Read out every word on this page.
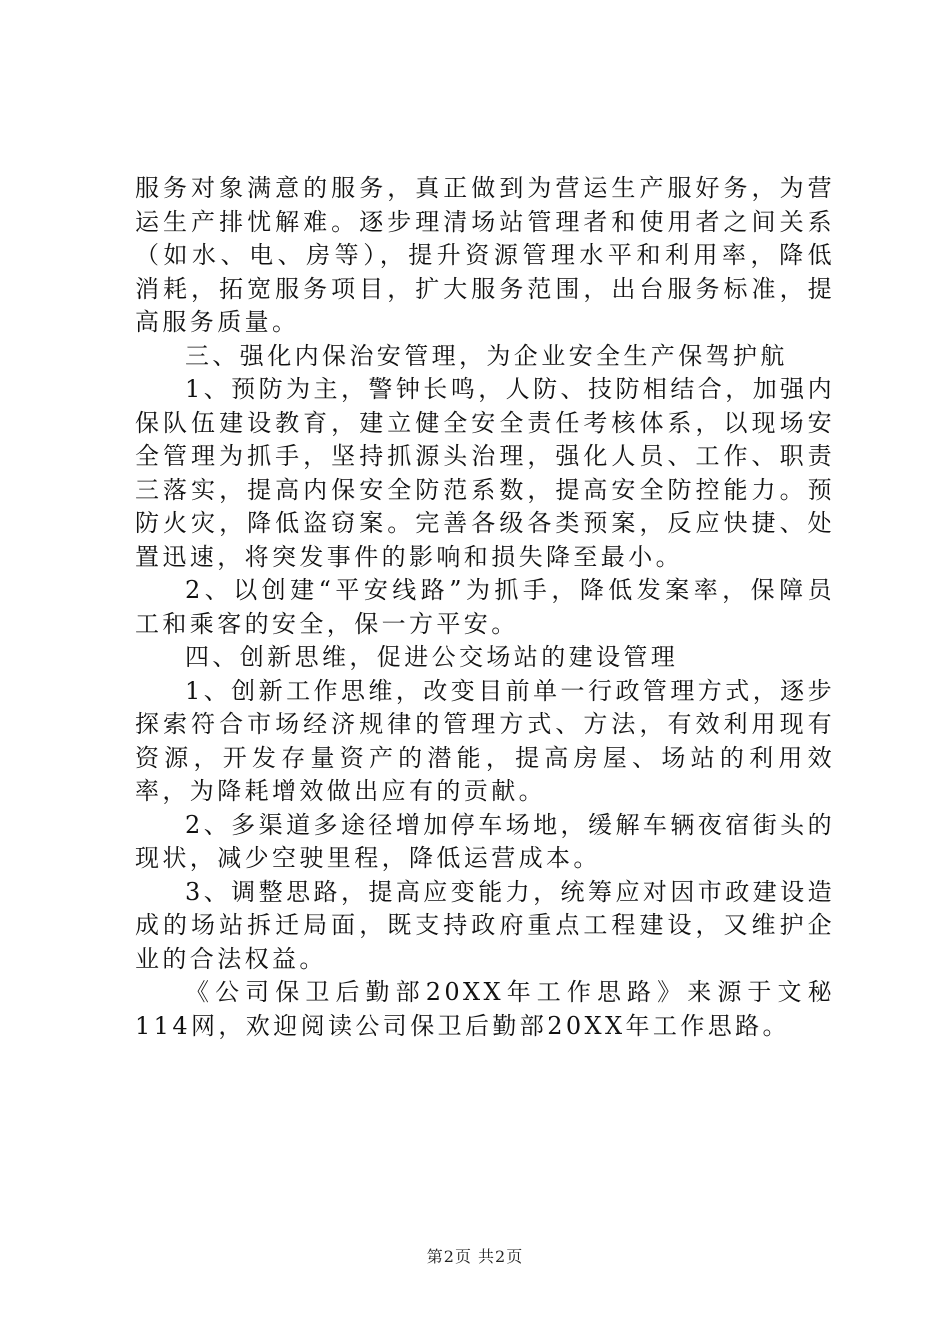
服务对象满意的服务，真正做到为营运生产服好务，为营运生产排忧解难。逐步理清场站管理者和使用者之间关系（如水、电、房等），提升资源管理水平和利用率，降低消耗，拓宽服务项目，扩大服务范围，出台服务标准，提高服务质量。

三、强化内保治安管理，为企业安全生产保驾护航

1、预防为主，警钟长鸣，人防、技防相结合，加强内保队伍建设教育，建立健全安全责任考核体系，以现场安全管理为抓手，坚持抓源头治理，强化人员、工作、职责三落实，提高内保安全防范系数，提高安全防控能力。预防火灾，降低盗窃案。完善各级各类预案，反应快捷、处置迅速，将突发事件的影响和损失降至最小。

2、以创建“平安线路”为抓手，降低发案率，保障员工和乘客的安全，保一方平安。

四、创新思维，促进公交场站的建设管理

1、创新工作思维，改变目前单一行政管理方式，逐步探索符合市场经济规律的管理方式、方法，有效利用现有资源，开发存量资产的潜能，提高房屋、场站的利用效率，为降耗增效做出应有的贡献。

2、多渠道多途径增加停车场地，缓解车辆夜宿街头的现状，减少空驶里程，降低运营成本。

3、调整思路，提高应变能力，统筹应对因市政建设造成的场站拆迁局面，既支持政府重点工程建设，又维护企业的合法权益。

《公司保卫后勤部20XX年工作思路》来源于文秘114网，欢迎阅读公司保卫后勤部20XX年工作思路。

第2页 共2页
